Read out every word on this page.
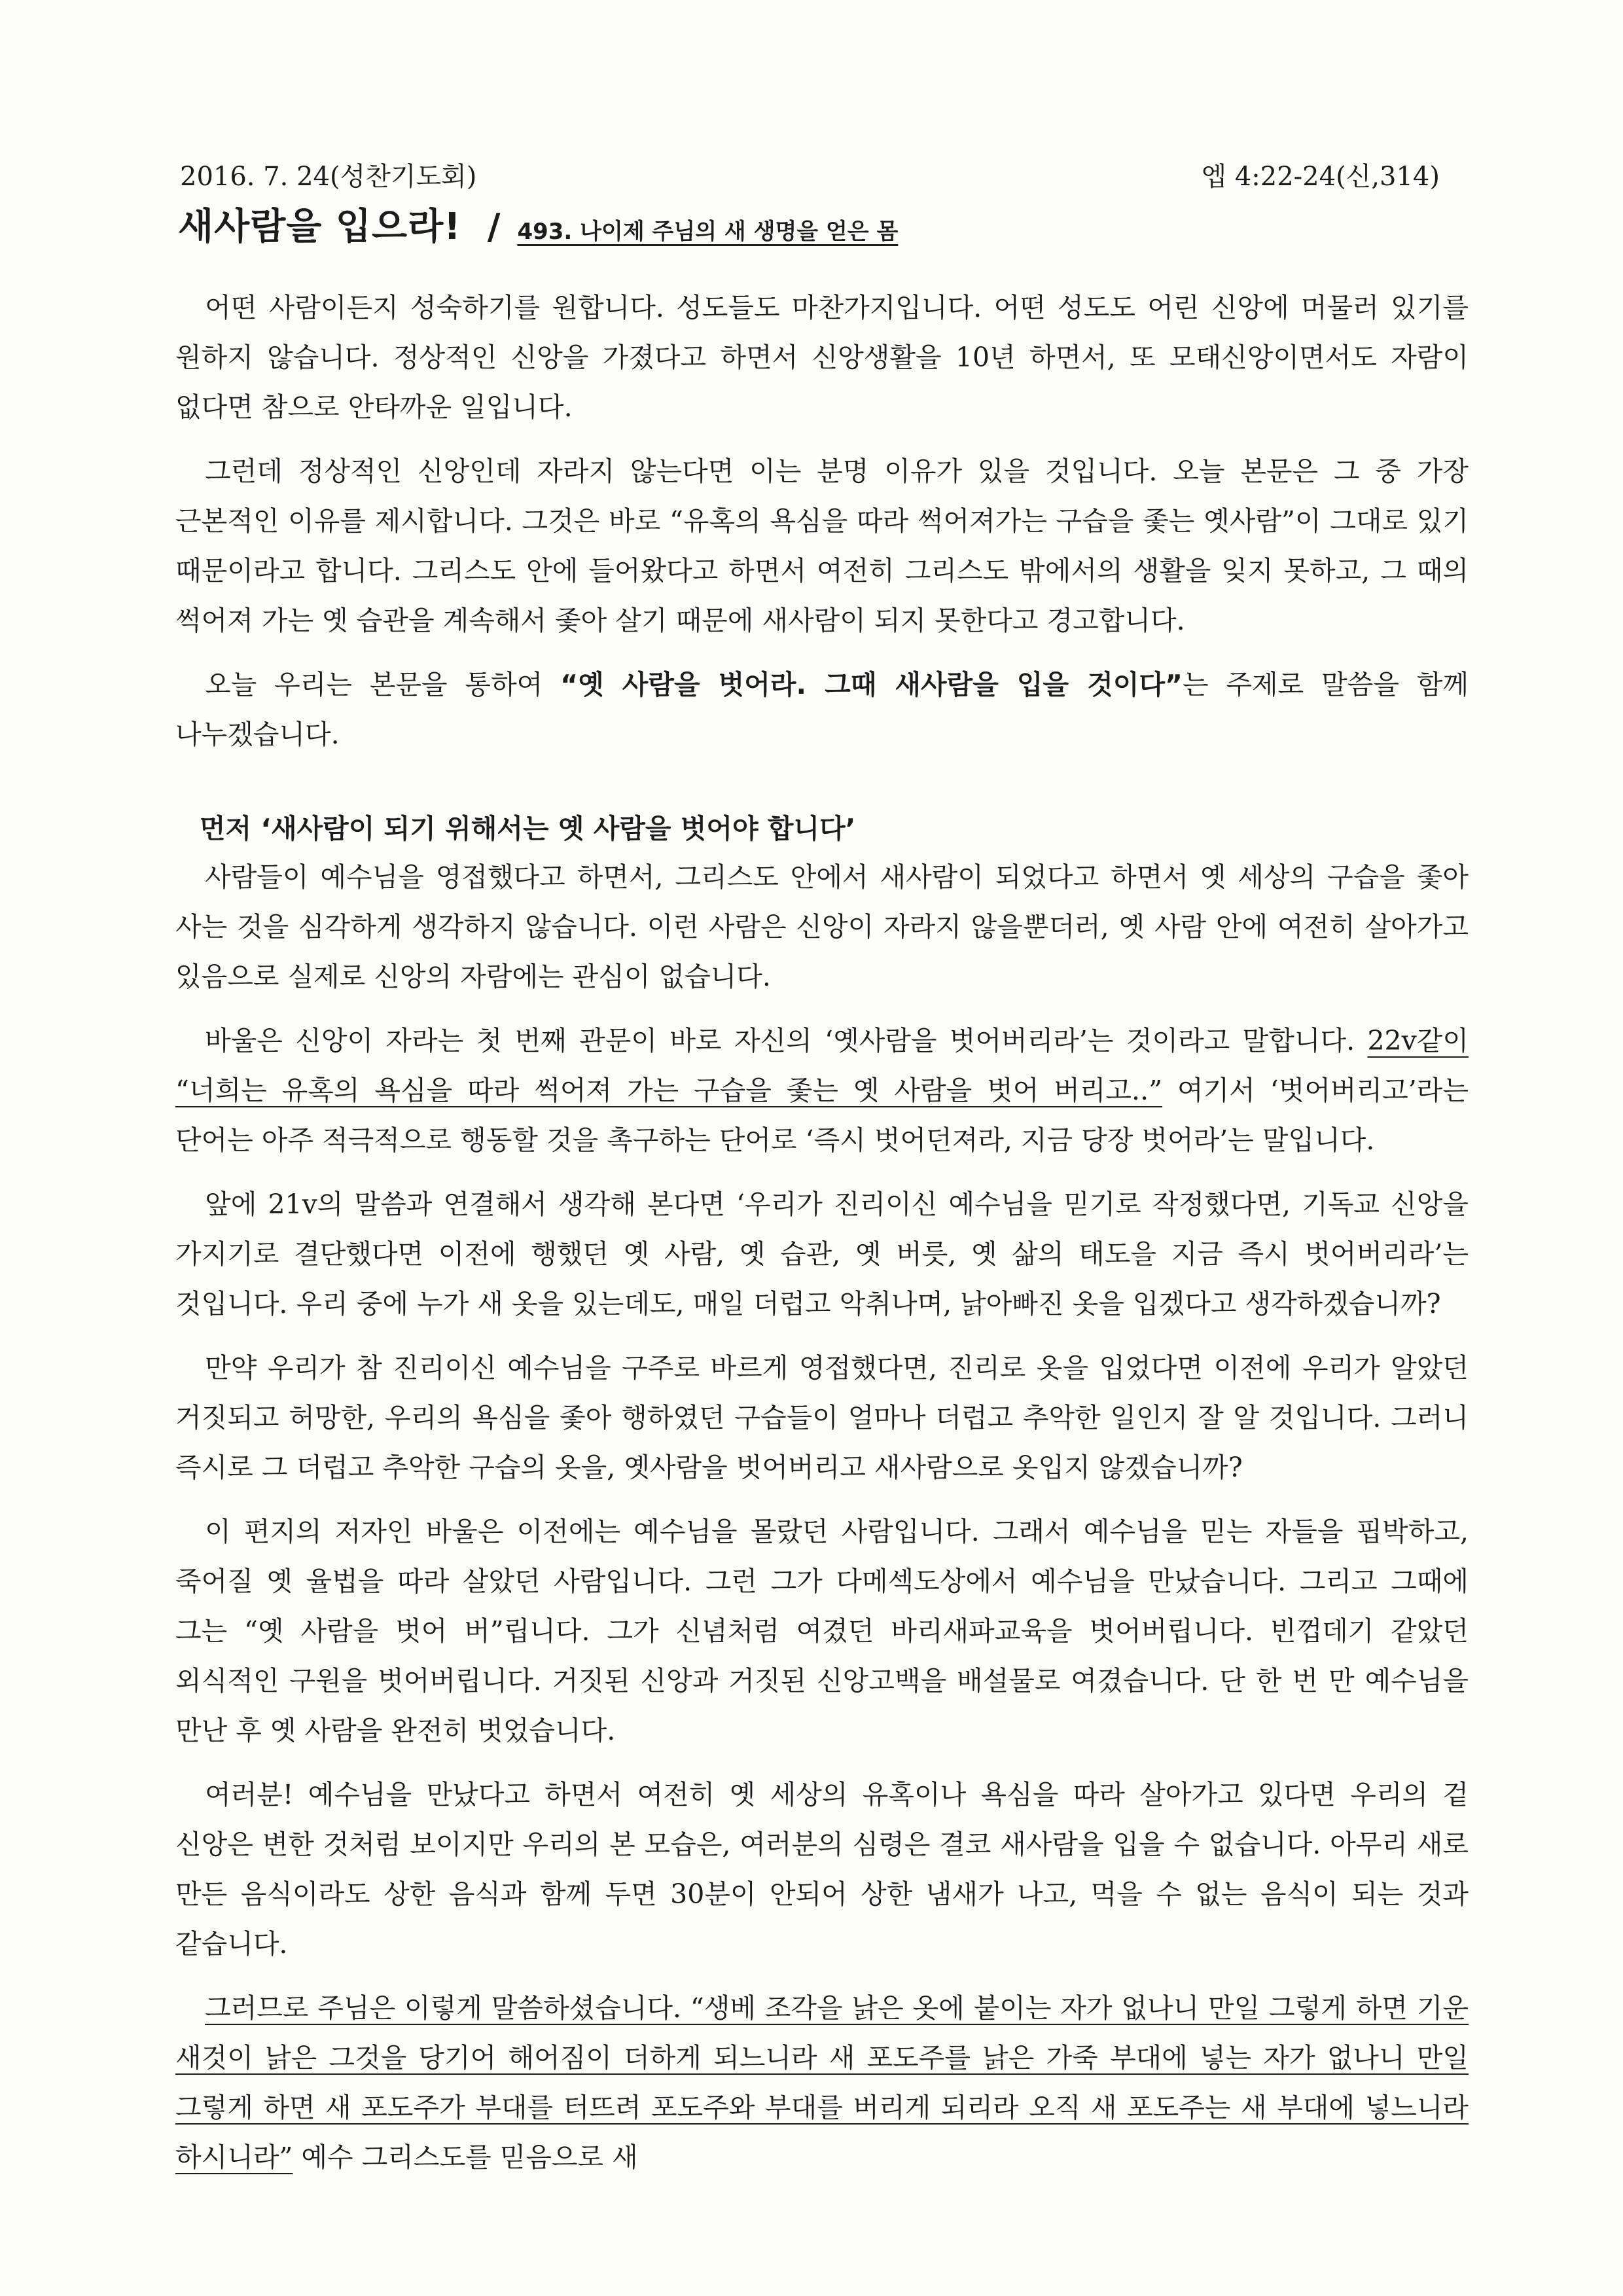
2016. 7. 24(성찬기도회)	엡 4:22-24(신,314)
새사람을 입으라! / 493. 나이제 주님의 새 생명을 얻은 몸

어떤 사람이든지 성숙하기를 원합니다. 성도들도 마찬가지입니다. 어떤 성도도 어린 신앙에 머물러 있기를 원하지 않습니다. 정상적인 신앙을 가졌다고 하면서 신앙생활을 10년 하면서, 또 모태신앙이면서도 자람이 없다면 참으로 안타까운 일입니다.

그런데 정상적인 신앙인데 자라지 않는다면 이는 분명 이유가 있을 것입니다. 오늘 본문은 그 중 가장 근본적인 이유를 제시합니다. 그것은 바로 “유혹의 욕심을 따라 썩어져가는 구습을 좇는 옛사람”이 그대로 있기 때문이라고 합니다. 그리스도 안에 들어왔다고 하면서 여전히 그리스도 밖에서의 생활을 잊지 못하고, 그 때의 썩어져 가는 옛 습관을 계속해서 좇아 살기 때문에 새사람이 되지 못한다고 경고합니다.

오늘 우리는 본문을 통하여 “옛 사람을 벗어라. 그때 새사람을 입을 것이다”는 주제로 말씀을 함께 나누겠습니다.

먼저 ‘새사람이 되기 위해서는 옛 사람을 벗어야 합니다’

사람들이 예수님을 영접했다고 하면서, 그리스도 안에서 새사람이 되었다고 하면서 옛 세상의 구습을 좇아 사는 것을 심각하게 생각하지 않습니다. 이런 사람은 신앙이 자라지 않을뿐더러, 옛 사람 안에 여전히 살아가고 있음으로 실제로 신앙의 자람에는 관심이 없습니다.

바울은 신앙이 자라는 첫 번째 관문이 바로 자신의 ‘옛사람을 벗어버리라’는 것이라고 말합니다. 22v같이 “너희는 유혹의 욕심을 따라 썩어져 가는 구습을 좇는 옛 사람을 벗어 버리고..” 여기서 ‘벗어버리고’라는 단어는 아주 적극적으로 행동할 것을 촉구하는 단어로 ‘즉시 벗어던져라, 지금 당장 벗어라’는 말입니다.

앞에 21v의 말씀과 연결해서 생각해 본다면 ‘우리가 진리이신 예수님을 믿기로 작정했다면, 기독교 신앙을 가지기로 결단했다면 이전에 행했던 옛 사람, 옛 습관, 옛 버릇, 옛 삶의 태도을 지금 즉시 벗어버리라’는 것입니다. 우리 중에 누가 새 옷을 있는데도, 매일 더럽고 악취나며, 낡아빠진 옷을 입겠다고 생각하겠습니까?

만약 우리가 참 진리이신 예수님을 구주로 바르게 영접했다면, 진리로 옷을 입었다면 이전에 우리가 알았던 거짓되고 허망한, 우리의 욕심을 좇아 행하였던 구습들이 얼마나 더럽고 추악한 일인지 잘 알 것입니다. 그러니 즉시로 그 더럽고 추악한 구습의 옷을, 옛사람을 벗어버리고 새사람으로 옷입지 않겠습니까?

이 편지의 저자인 바울은 이전에는 예수님을 몰랐던 사람입니다. 그래서 예수님을 믿는 자들을 핍박하고, 죽어질 옛 율법을 따라 살았던 사람입니다. 그런 그가 다메섹도상에서 예수님을 만났습니다. 그리고 그때에 그는 “옛 사람을 벗어 버”립니다. 그가 신념처럼 여겼던 바리새파교육을 벗어버립니다. 빈껍데기 같았던 외식적인 구원을 벗어버립니다. 거짓된 신앙과 거짓된 신앙고백을 배설물로 여겼습니다. 단 한 번 만 예수님을 만난 후 옛 사람을 완전히 벗었습니다.

여러분! 예수님을 만났다고 하면서 여전히 옛 세상의 유혹이나 욕심을 따라 살아가고 있다면 우리의 겉 신앙은 변한 것처럼 보이지만 우리의 본 모습은, 여러분의 심령은 결코 새사람을 입을 수 없습니다. 아무리 새로 만든 음식이라도 상한 음식과 함께 두면 30분이 안되어 상한 냄새가 나고, 먹을 수 없는 음식이 되는 것과 같습니다.

그러므로 주님은 이렇게 말씀하셨습니다. “생베 조각을 낡은 옷에 붙이는 자가 없나니 만일 그렇게 하면 기운 새것이 낡은 그것을 당기어 해어짐이 더하게 되느니라 새 포도주를 낡은 가죽 부대에 넣는 자가 없나니 만일 그렇게 하면 새 포도주가 부대를 터뜨려 포도주와 부대를 버리게 되리라 오직 새 포도주는 새 부대에 넣느니라 하시니라” 예수 그리스도를 믿음으로 새
